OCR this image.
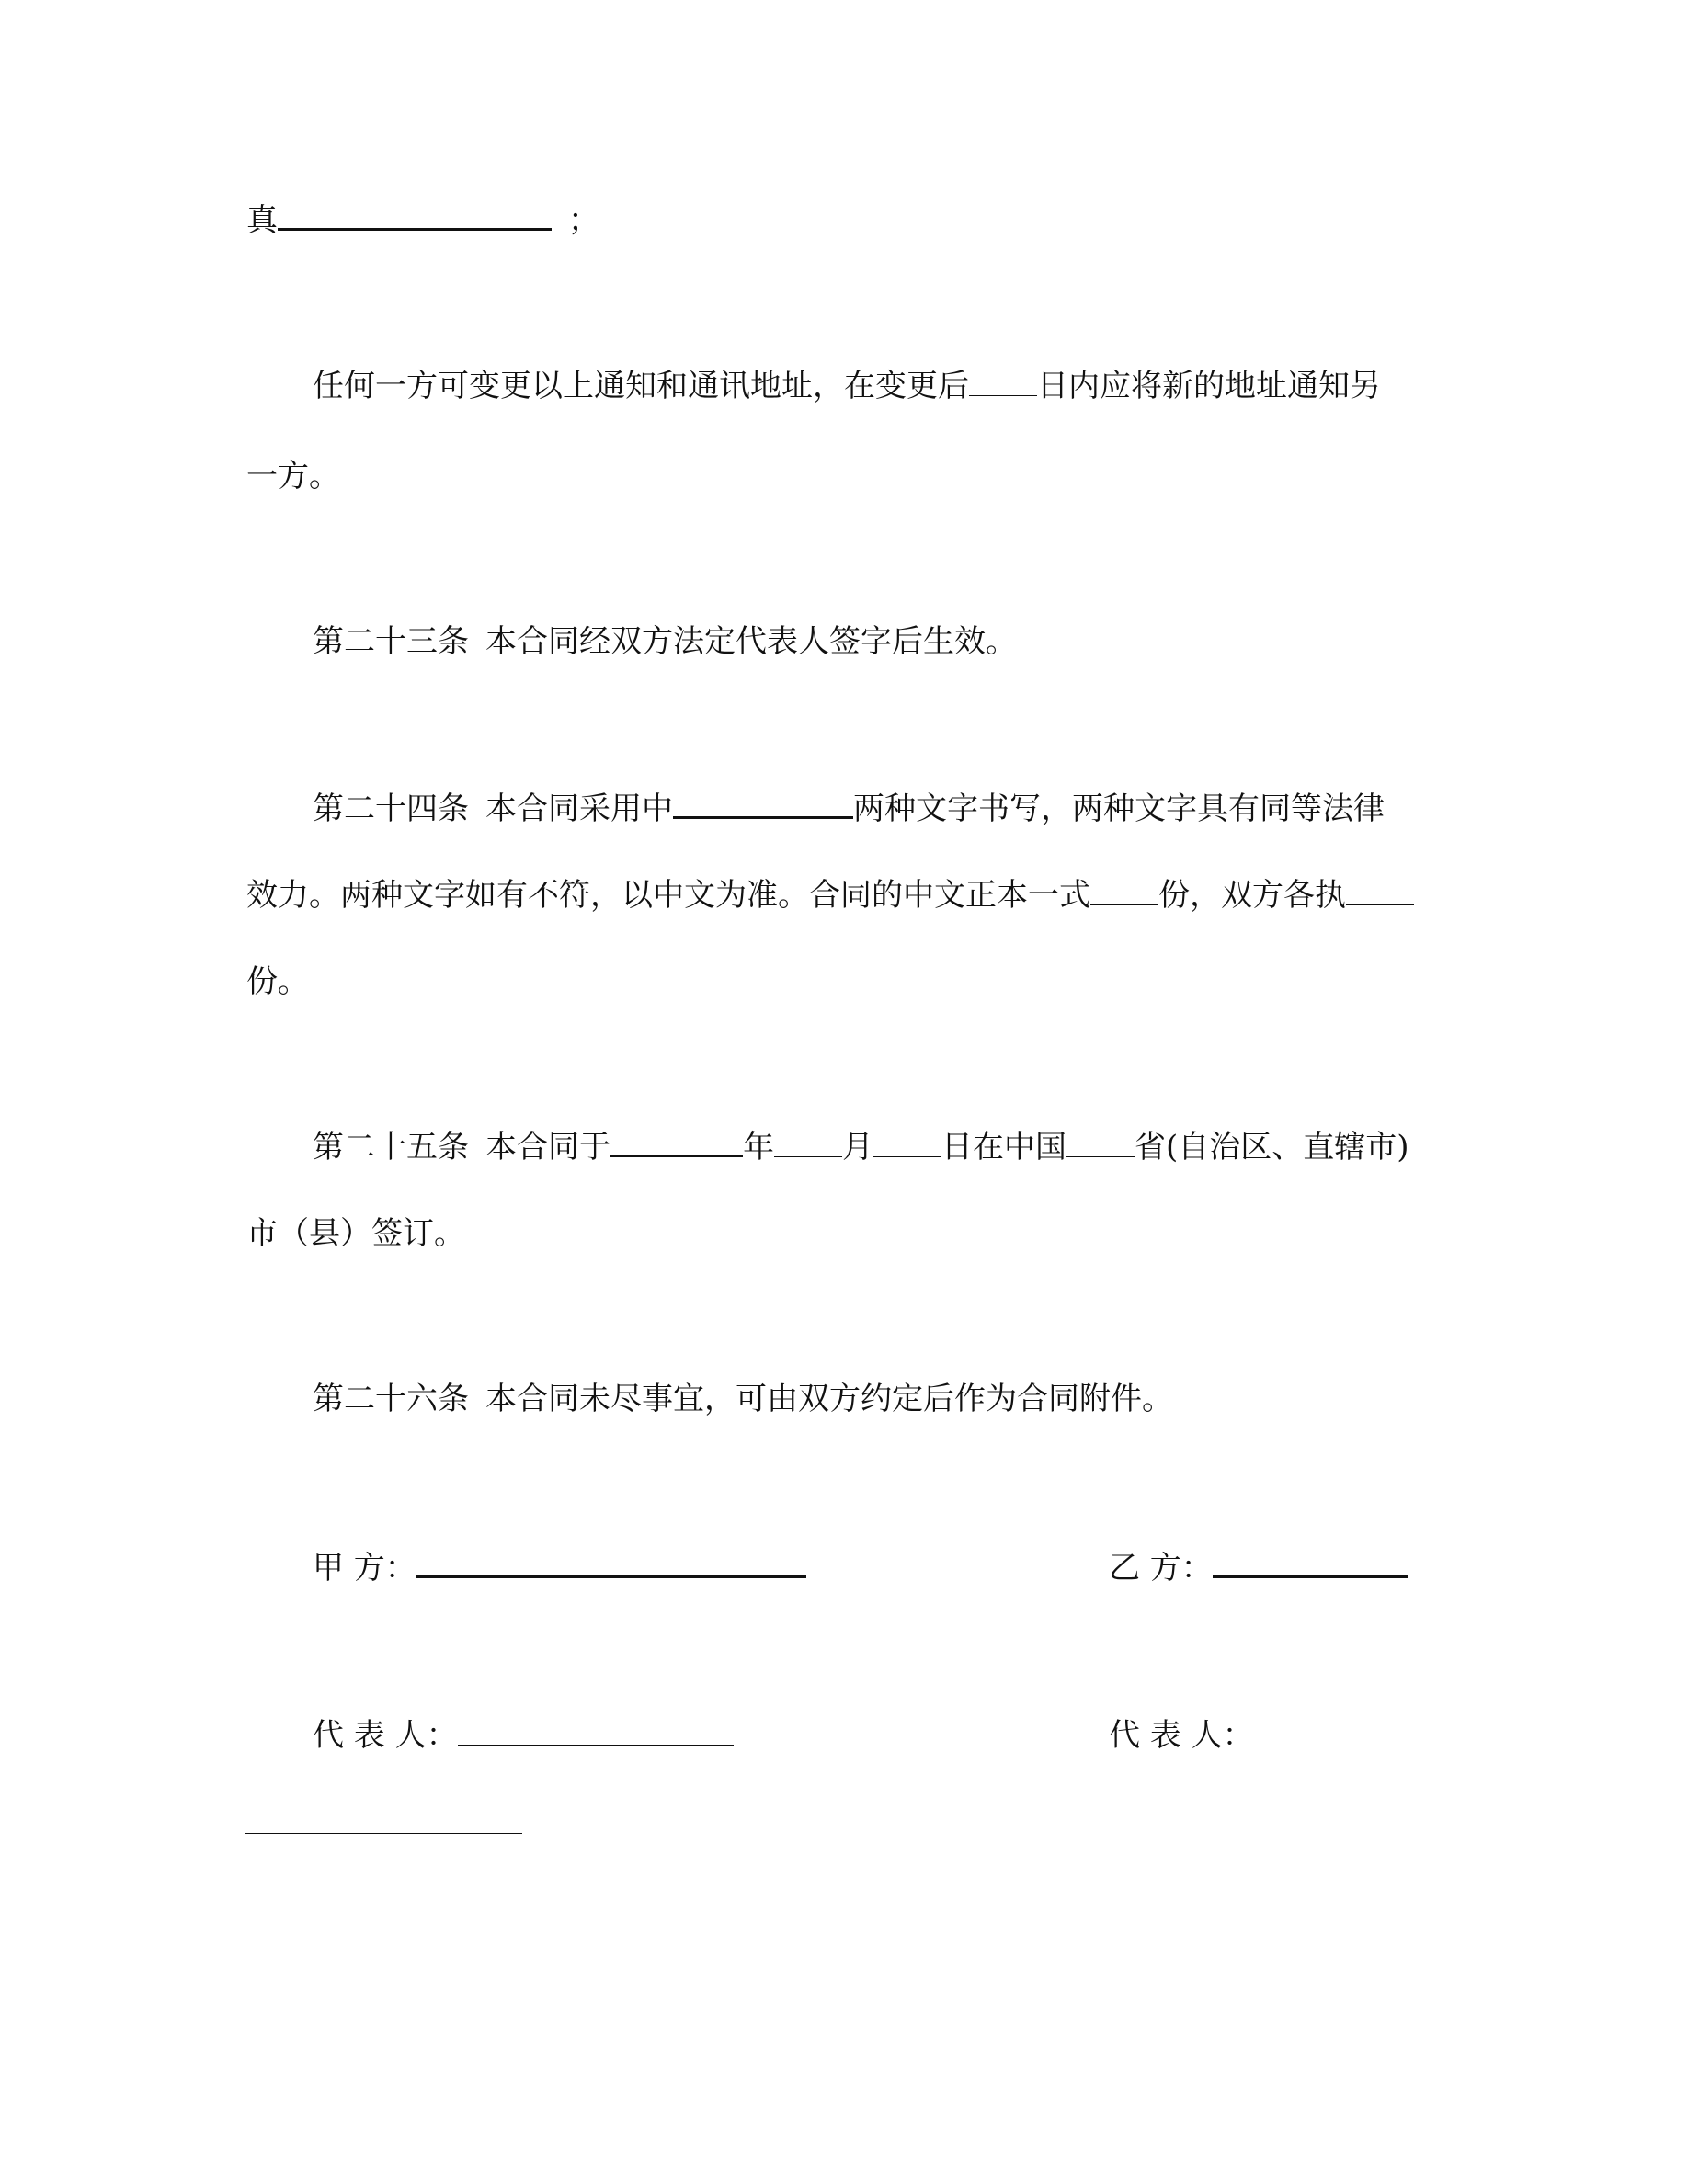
真	；
任何一方可变更以上通知和通讯地址，在变更后 日内应将新的地址通知另
一方。
第二十三条 本合同经双方法定代表人签字后生效。
第二十四条 本合同采用中	两种文字书写，两种文字具有同等法律
效力。两种文字如有不符，以中文为准。合同的中文正本一式 份，双方各执
份。
第二十五条 本合同于	年 月 日在中国 省(自治区、直辖市)
市（县）签订。
第二十六条 本合同未尽事宜，可由双方约定后作为合同附件。
甲 方：	乙 方：
代 表 人：	代 表 人：
